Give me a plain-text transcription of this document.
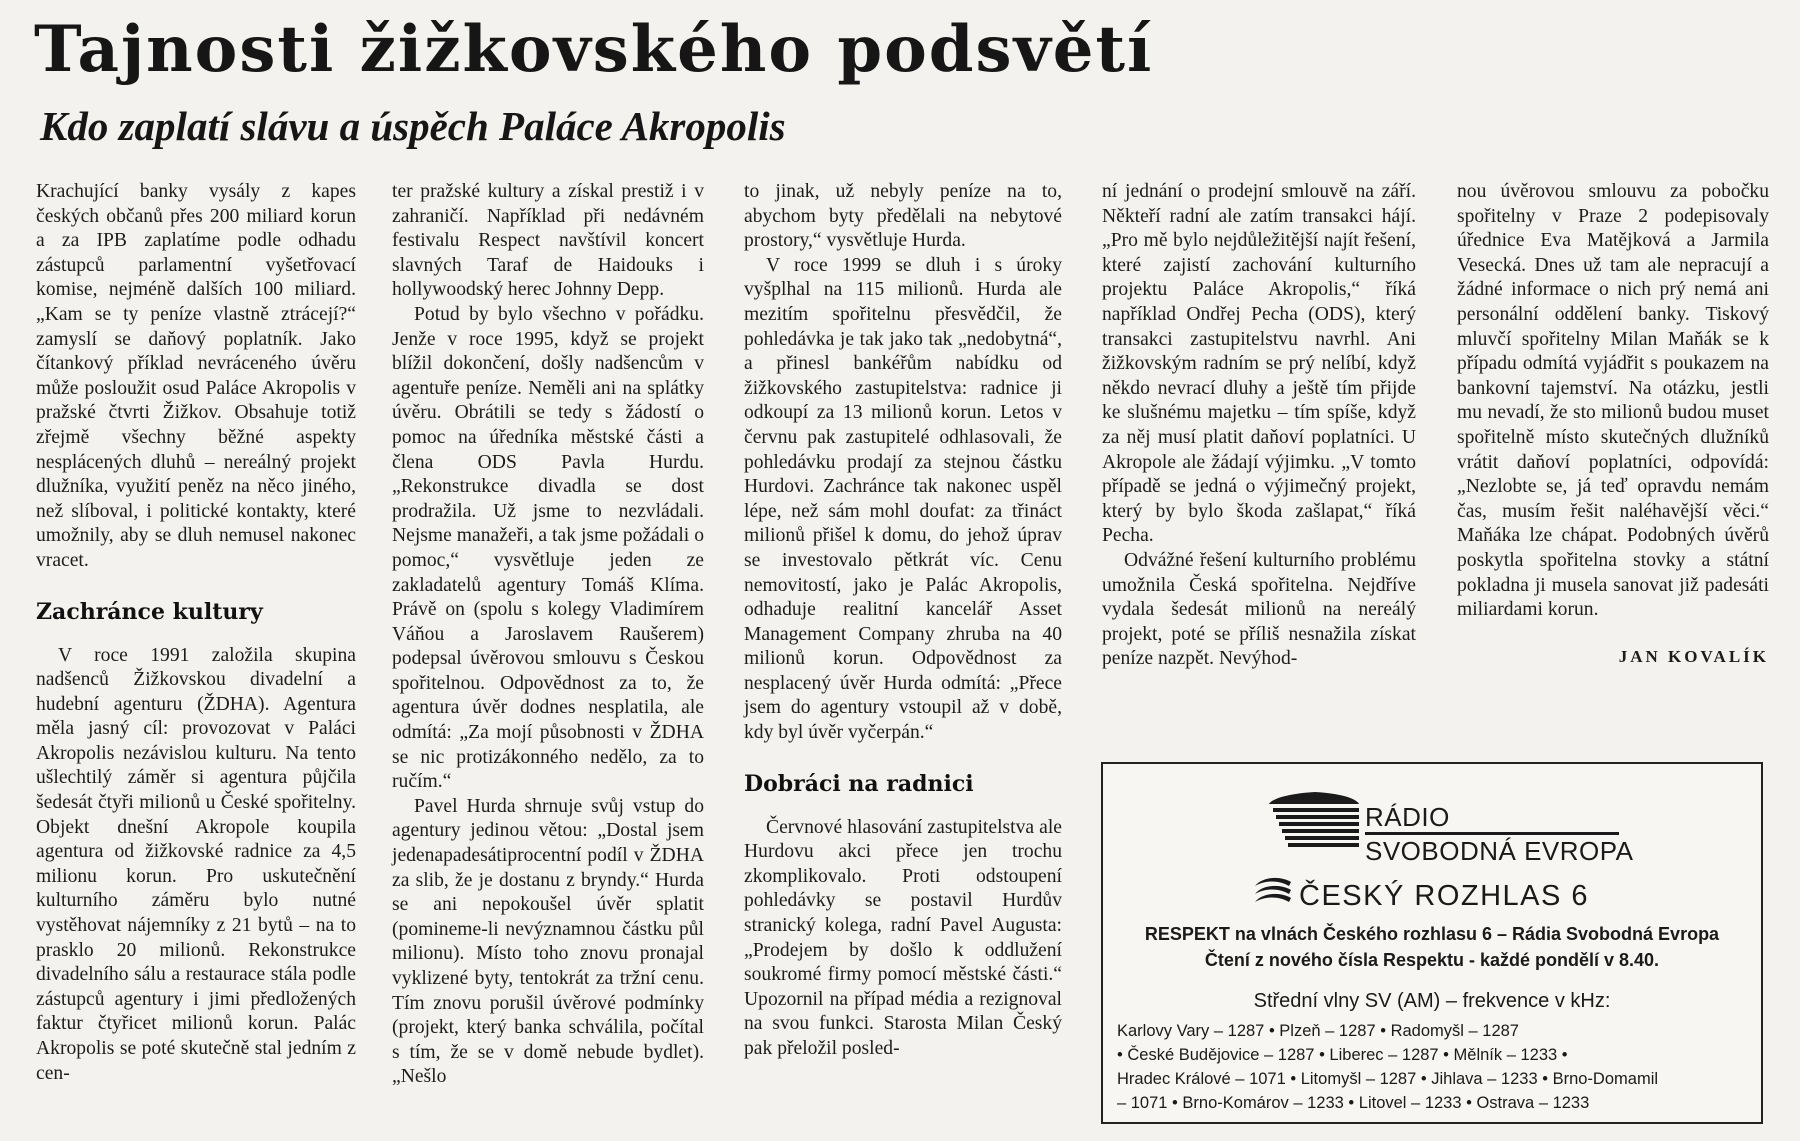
Tajnosti žižkovského podsvětí
Kdo zaplatí slávu a úspěch Paláce Akropolis

Krachující banky vysály z kapes českých občanů přes 200 miliard korun a za IPB zaplatíme podle odhadu zástupců parlamentní vyšetřovací komise, nejméně dalších 100 miliard. „Kam se ty peníze vlastně ztrácejí?“ zamyslí se daňový poplatník. Jako čítankový příklad nevráceného úvěru může posloužit osud Paláce Akropolis v pražské čtvrti Žižkov. Obsahuje totiž zřejmě všechny běžné aspekty nesplácených dluhů – nereálný projekt dlužníka, využití peněz na něco jiného, než slíboval, i politické kontakty, které umožnily, aby se dluh nemusel nakonec vracet.

Zachránce kultury

V roce 1991 založila skupina nadšenců Žižkovskou divadelní a hudební agenturu (ŽDHA). Agentura měla jasný cíl: provozovat v Paláci Akropolis nezávislou kulturu. Na tento ušlechtilý záměr si agentura půjčila šedesát čtyři milionů u České spořitelny. Objekt dnešní Akropole koupila agentura od žižkovské radnice za 4,5 milionu korun. Pro uskutečnění kulturního záměru bylo nutné vystěhovat nájemníky z 21 bytů – na to prasklo 20 milionů. Rekonstrukce divadelního sálu a restaurace stála podle zástupců agentury i jimi předložených faktur čtyřicet milionů korun. Palác Akropolis se poté skutečně stal jedním z cen-

ter pražské kultury a získal prestiž i v zahraničí. Například při nedávném festivalu Respect navštívil koncert slavných Taraf de Haidouks i hollywoodský herec Johnny Depp.

Potud by bylo všechno v pořádku. Jenže v roce 1995, když se projekt blížil dokončení, došly nadšencům v agentuře peníze. Neměli ani na splátky úvěru. Obrátili se tedy s žádostí o pomoc na úředníka městské části a člena ODS Pavla Hurdu. „Rekonstrukce divadla se dost prodražila. Už jsme to nezvládali. Nejsme manažeři, a tak jsme požádali o pomoc,“ vysvětluje jeden ze zakladatelů agentury Tomáš Klíma. Právě on (spolu s kolegy Vladimírem Váňou a Jaroslavem Raušerem) podepsal úvěrovou smlouvu s Českou spořitelnou. Odpovědnost za to, že agentura úvěr dodnes nesplatila, ale odmítá: „Za mojí působnosti v ŽDHA se nic protizákonného nedělo, za to ručím.“

Pavel Hurda shrnuje svůj vstup do agentury jedinou větou: „Dostal jsem jedenapadesátiprocentní podíl v ŽDHA za slib, že je dostanu z bryndy.“ Hurda se ani nepokoušel úvěr splatit (pomineme-li nevýznamnou částku půl milionu). Místo toho znovu pronajal vyklizené byty, tentokrát za tržní cenu. Tím znovu porušil úvěrové podmínky (projekt, který banka schválila, počítal s tím, že se v domě nebude bydlet). „Nešlo

to jinak, už nebyly peníze na to, abychom byty předělali na nebytové prostory,“ vysvětluje Hurda.

V roce 1999 se dluh i s úroky vyšplhal na 115 milionů. Hurda ale mezitím spořitelnu přesvědčil, že pohledávka je tak jako tak „nedobytná“, a přinesl bankéřům nabídku od žižkovského zastupitelstva: radnice ji odkoupí za 13 milionů korun. Letos v červnu pak zastupitelé odhlasovali, že pohledávku prodají za stejnou částku Hurdovi. Zachránce tak nakonec uspěl lépe, než sám mohl doufat: za třináct milionů přišel k domu, do jehož úprav se investovalo pětkrát víc. Cenu nemovitostí, jako je Palác Akropolis, odhaduje realitní kancelář Asset Management Company zhruba na 40 milionů korun. Odpovědnost za nesplacený úvěr Hurda odmítá: „Přece jsem do agentury vstoupil až v době, kdy byl úvěr vyčerpán.“

Dobráci na radnici

Červnové hlasování zastupitelstva ale Hurdovu akci přece jen trochu zkomplikovalo. Proti odstoupení pohledávky se postavil Hurdův stranický kolega, radní Pavel Augusta: „Prodejem by došlo k oddlužení soukromé firmy pomocí městské části.“ Upozornil na případ média a rezignoval na svou funkci. Starosta Milan Český pak přeložil posled-

ní jednání o prodejní smlouvě na září. Někteří radní ale zatím transakci hájí. „Pro mě bylo nejdůležitější najít řešení, které zajistí zachování kulturního projektu Paláce Akropolis,“ říká například Ondřej Pecha (ODS), který transakci zastupitelstvu navrhl. Ani žižkovským radním se prý nelíbí, když někdo nevrací dluhy a ještě tím přijde ke slušnému majetku – tím spíše, když za něj musí platit daňoví poplatníci. U Akropole ale žádají výjimku. „V tomto případě se jedná o výjimečný projekt, který by bylo škoda zašlapat,“ říká Pecha.

Odvážné řešení kulturního problému umožnila Česká spořitelna. Nejdříve vydala šedesát milionů na nereálý projekt, poté se příliš nesnažila získat peníze nazpět. Nevýhod-

nou úvěrovou smlouvu za pobočku spořitelny v Praze 2 podepisovaly úřednice Eva Matějková a Jarmila Vesecká. Dnes už tam ale nepracují a žádné informace o nich prý nemá ani personální oddělení banky. Tiskový mluvčí spořitelny Milan Maňák se k případu odmítá vyjádřit s poukazem na bankovní tajemství. Na otázku, jestli mu nevadí, že sto milionů budou muset spořitelně místo skutečných dlužníků vrátit daňoví poplatníci, odpovídá: „Nezlobte se, já teď opravdu nemám čas, musím řešit naléhavější věci.“ Maňáka lze chápat. Podobných úvěrů poskytla spořitelna stovky a státní pokladna ji musela sanovat již padesáti miliardami korun.

JAN KOVALÍK
RÁDIO
SVOBODNÁ EVROPA
ČESKÝ ROZHLAS 6
RESPEKT na vlnách Českého rozhlasu 6 – Rádia Svobodná Evropa
Čtení z nového čísla Respektu - každé pondělí v 8.40.
Střední vlny SV (AM) – frekvence v kHz:
Karlovy Vary – 1287 • Plzeň – 1287 • Radomyšl – 1287
• České Budějovice – 1287 • Liberec – 1287 • Mělník – 1233 •
Hradec Králové – 1071 • Litomyšl – 1287 • Jihlava – 1233 • Brno-Domamil
– 1071 • Brno-Komárov – 1233 • Litovel – 1233 • Ostrava – 1233
